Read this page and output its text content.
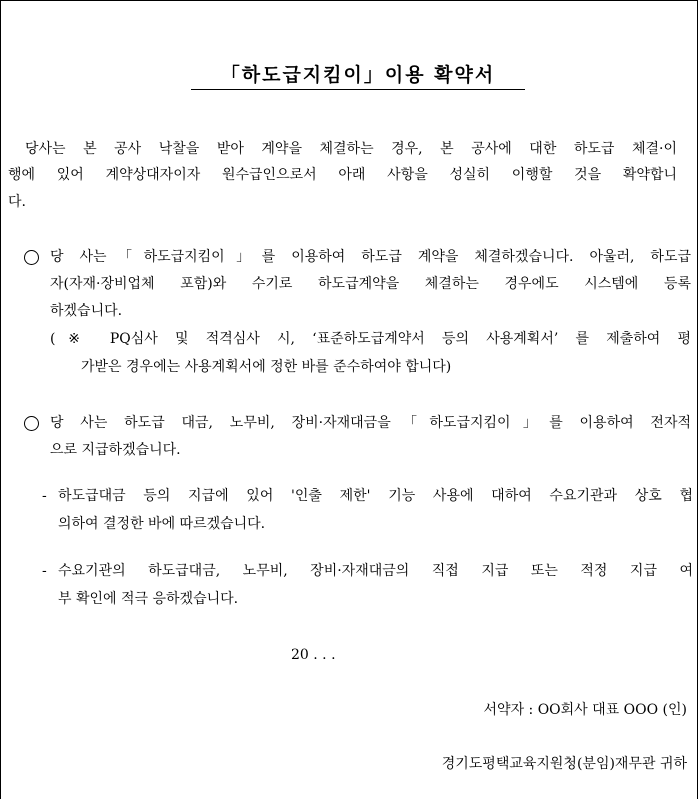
「하도급지킴이」이용 확약서
당사는 본 공사 낙찰을 받아 계약을 체결하는 경우, 본 공사에 대한 하도급 체결·이
행에 있어 계약상대자이자 원수급인으로서 아래 사항을 성실히 이행할 것을 확약합니
다.
당 사는「하도급지킴이」를 이용하여 하도급 계약을 체결하겠습니다. 아울러, 하도급
자(자재·장비업체 포함)와 수기로 하도급계약을 체결하는 경우에도 시스템에 등록
하겠습니다.
(※ PQ심사 및 적격심사 시, ‘표준하도급계약서 등의 사용계획서’ 를 제출하여 평
가받은 경우에는 사용계획서에 정한 바를 준수하여야 합니다)
당 사는 하도급 대금, 노무비, 장비·자재대금을「하도급지킴이」를 이용하여 전자적
으로 지급하겠습니다.
- 하도급대금 등의 지급에 있어 '인출 제한' 기능 사용에 대하여 수요기관과 상호 협
의하여 결정한 바에 따르겠습니다.
- 수요기관의 하도급대금, 노무비, 장비·자재대금의 직접 지급 또는 적정 지급 여
부 확인에 적극 응하겠습니다.
20 . . .
서약자 : OO회사 대표 OOO (인)
경기도평택교육지원청(분임)재무관 귀하
